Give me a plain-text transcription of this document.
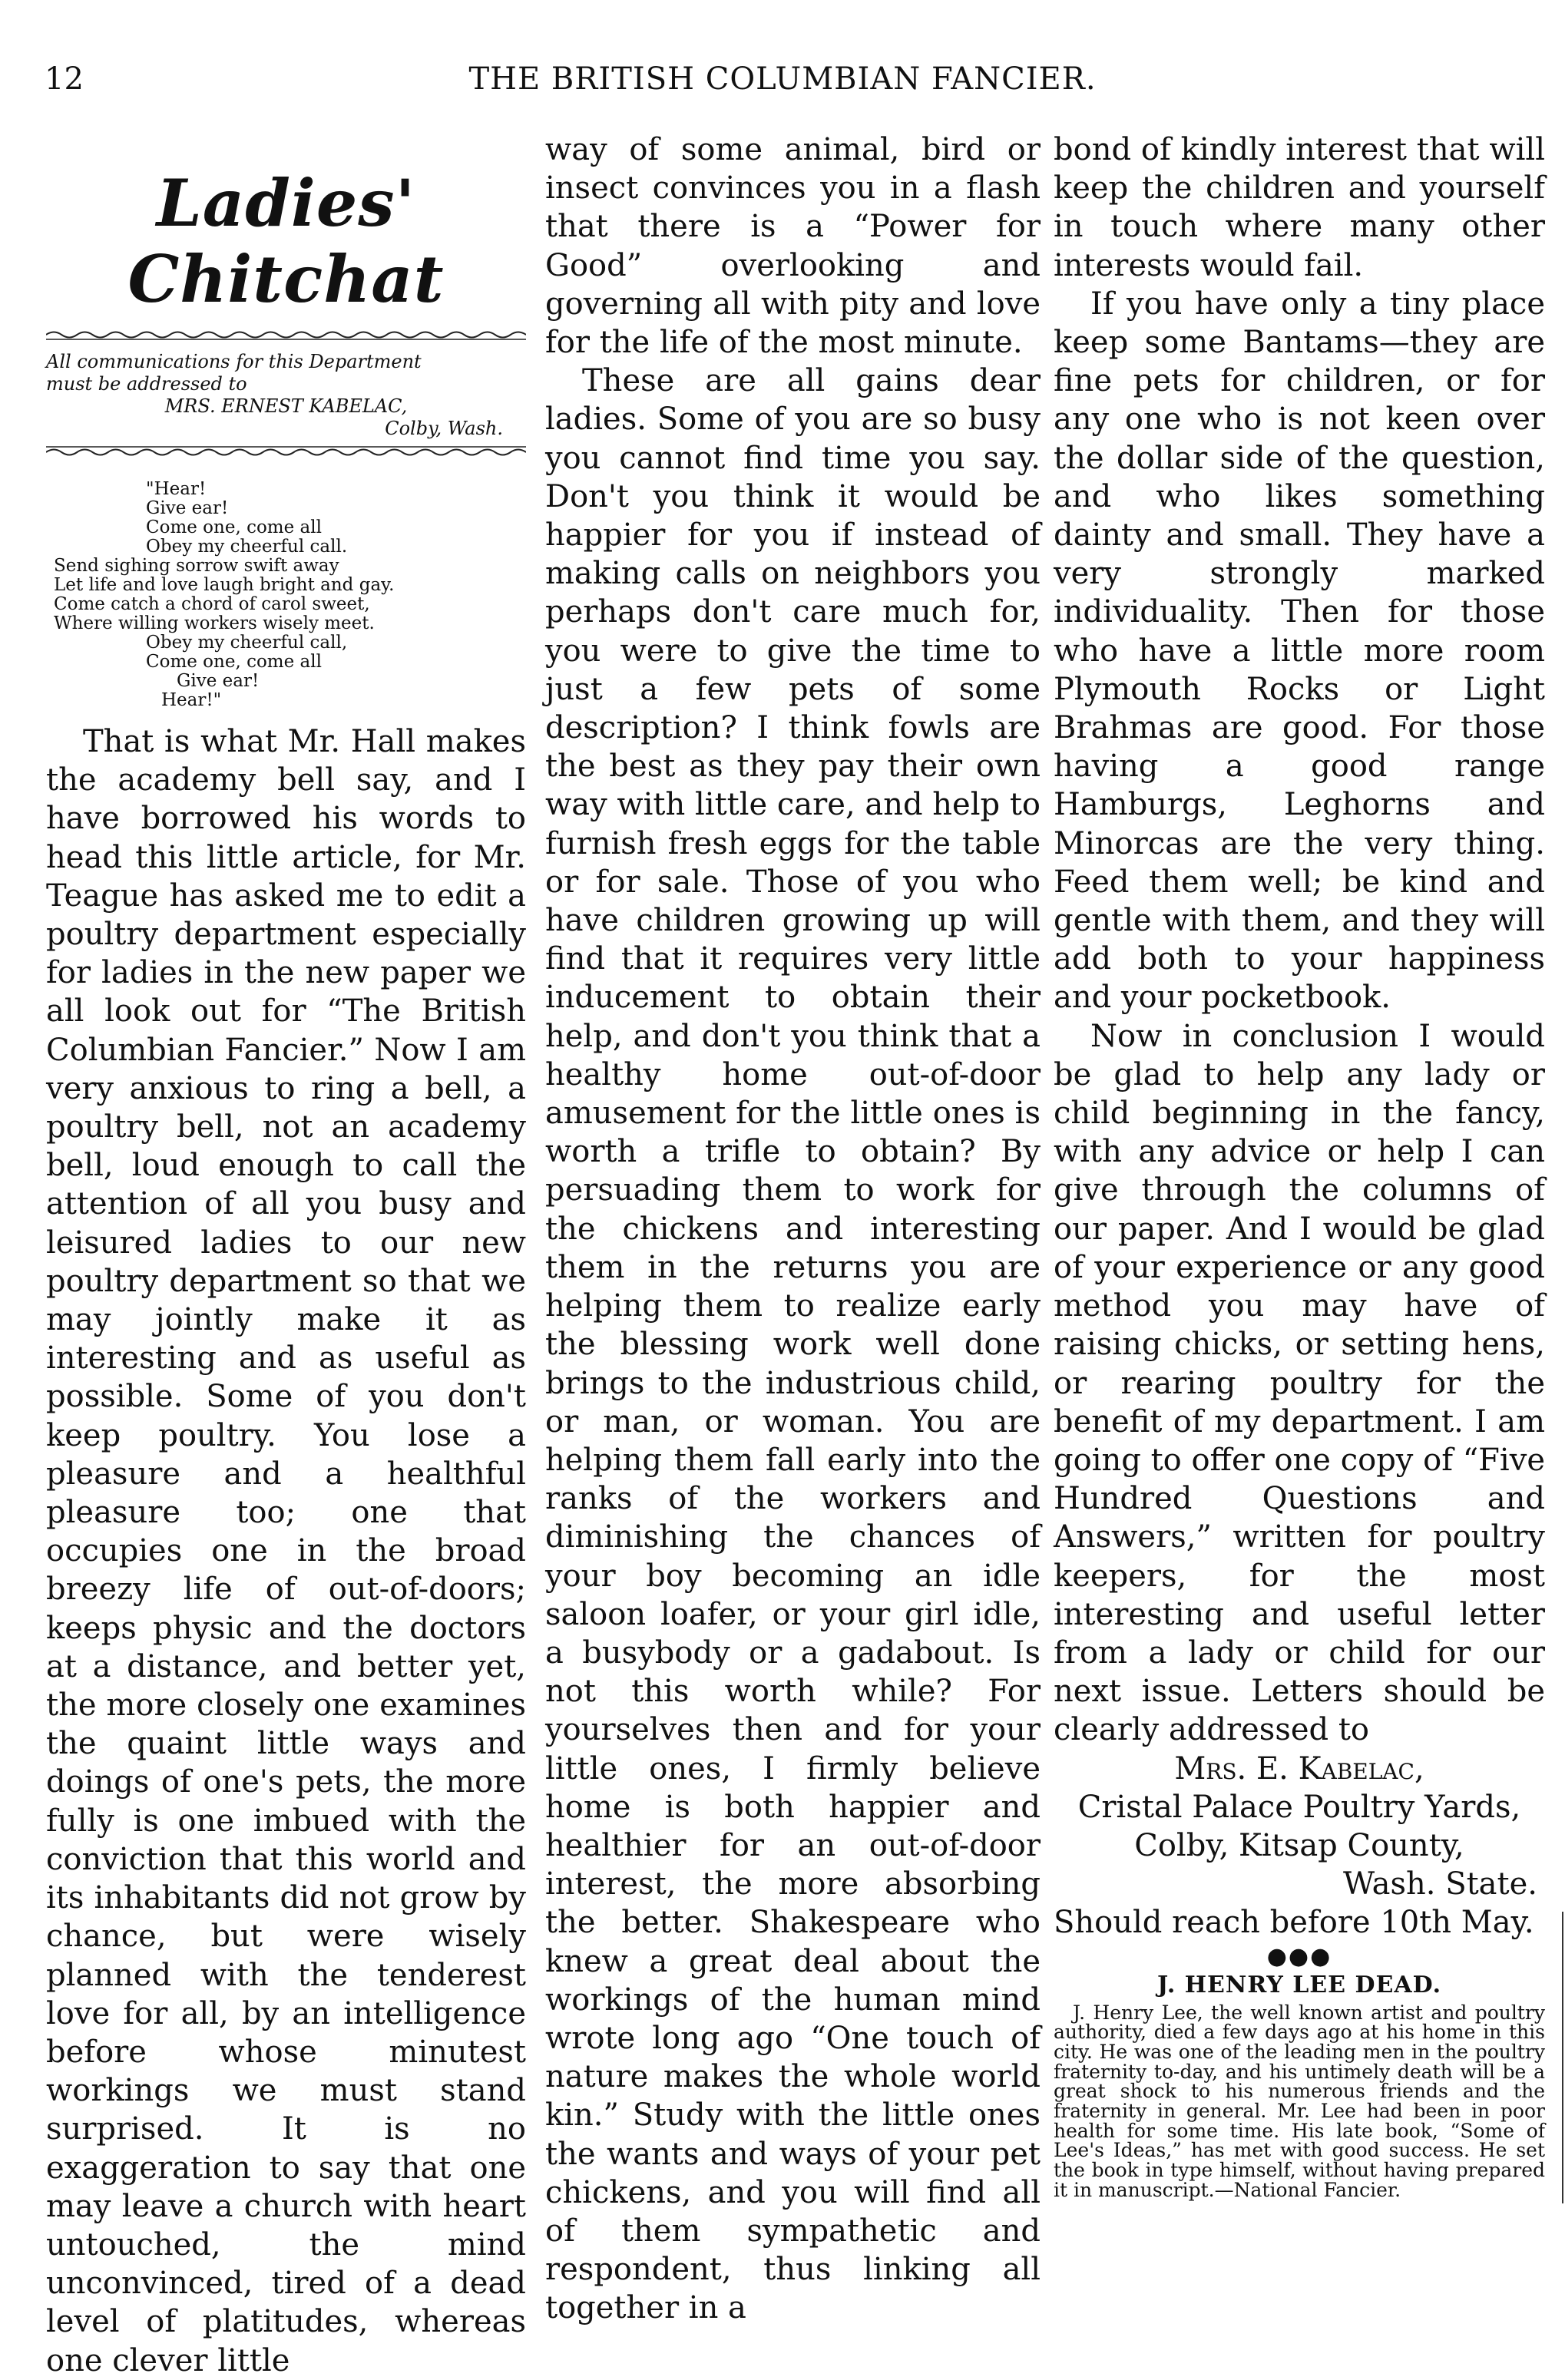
12	THE BRITISH COLUMBIAN FANCIER.
Ladies' Chitchat
All communications for this Department
must be addressed to
MRS. ERNEST KABELAC,
Colby, Wash.
"Hear!
Give ear!
Come one, come all
Obey my cheerful call.
Send sighing sorrow swift away
Let life and love laugh bright and gay.
Come catch a chord of carol sweet,
Where willing workers wisely meet.
Obey my cheerful call,
Come one, come all
Give ear!
Hear!"

That is what Mr. Hall makes the academy bell say, and I have borrowed his words to head this little article, for Mr. Teague has asked me to edit a poultry department especially for ladies in the new paper we all look out for “The British Columbian Fancier.” Now I am very anxious to ring a bell, a poultry bell, not an academy bell, loud enough to call the attention of all you busy and leisured ladies to our new poultry department so that we may jointly make it as interesting and as useful as possible. Some of you don't keep poultry. You lose a pleasure and a healthful pleasure too; one that occupies one in the broad breezy life of out-of-doors; keeps physic and the doctors at a distance, and better yet, the more closely one examines the quaint little ways and doings of one's pets, the more fully is one imbued with the conviction that this world and its inhabitants did not grow by chance, but were wisely planned with the tenderest love for all, by an intelligence before whose minutest workings we must stand surprised. It is no exaggeration to say that one may leave a church with heart untouched, the mind unconvinced, tired of a dead level of platitudes, whereas one clever little

way of some animal, bird or insect convinces you in a flash that there is a “Power for Good” overlooking and governing all with pity and love for the life of the most minute.

These are all gains dear ladies. Some of you are so busy you cannot find time you say. Don't you think it would be happier for you if instead of making calls on neighbors you perhaps don't care much for, you were to give the time to just a few pets of some description? I think fowls are the best as they pay their own way with little care, and help to furnish fresh eggs for the table or for sale. Those of you who have children growing up will find that it requires very little inducement to obtain their help, and don't you think that a healthy home out-of-door amusement for the little ones is worth a trifle to obtain? By persuading them to work for the chickens and interesting them in the returns you are helping them to realize early the blessing work well done brings to the industrious child, or man, or woman. You are helping them fall early into the ranks of the workers and diminishing the chances of your boy becoming an idle saloon loafer, or your girl idle, a busybody or a gadabout. Is not this worth while? For yourselves then and for your little ones, I firmly believe home is both happier and healthier for an out-of-door interest, the more absorbing the better. Shakespeare who knew a great deal about the workings of the human mind wrote long ago “One touch of nature makes the whole world kin.” Study with the little ones the wants and ways of your pet chickens, and you will find all of them sympathetic and respondent, thus linking all together in a

bond of kindly interest that will keep the children and yourself in touch where many other interests would fail.

If you have only a tiny place keep some Bantams—they are fine pets for children, or for any one who is not keen over the dollar side of the question, and who likes something dainty and small. They have a very strongly marked individuality. Then for those who have a little more room Plymouth Rocks or Light Brahmas are good. For those having a good range Hamburgs, Leghorns and Minorcas are the very thing. Feed them well; be kind and gentle with them, and they will add both to your happiness and your pocketbook.

Now in conclusion I would be glad to help any lady or child beginning in the fancy, with any advice or help I can give through the columns of our paper. And I would be glad of your experience or any good method you may have of raising chicks, or setting hens, or rearing poultry for the benefit of my department. I am going to offer one copy of “Five Hundred Questions and Answers,” written for poultry keepers, for the most interesting and useful letter from a lady or child for our next issue. Letters should be clearly addressed to

Mrs. E. Kabelac,
Cristal Palace Poultry Yards,
Colby, Kitsap County,
Wash. State.
Should reach before 10th May.
●●●
J. HENRY LEE DEAD.

J. Henry Lee, the well known artist and poultry authority, died a few days ago at his home in this city. He was one of the leading men in the poultry fraternity to-day, and his untimely death will be a great shock to his numerous friends and the fraternity in general. Mr. Lee had been in poor health for some time. His late book, “Some of Lee's Ideas,” has met with good success. He set the book in type himself, without having prepared it in manuscript.—National Fancier.
